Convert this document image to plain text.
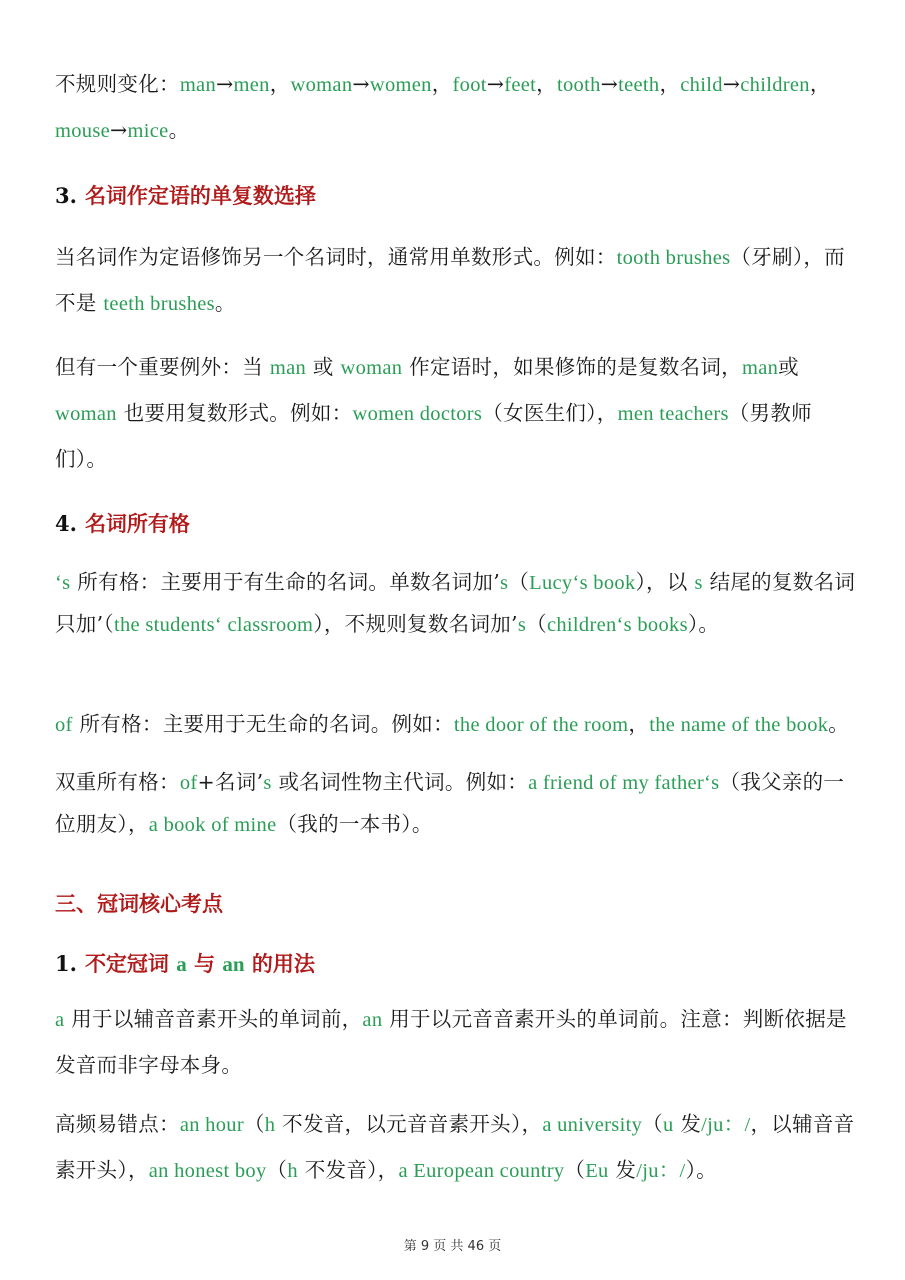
不规则变化：man→men，woman→women，foot→feet，tooth→teeth，child→children，mouse→mice。
3. 名词作定语的单复数选择
当名词作为定语修饰另一个名词时，通常用单数形式。例如：tooth brushes（牙刷），而不是 teeth brushes。
但有一个重要例外：当 man 或 woman 作定语时，如果修饰的是复数名词，man或 woman 也要用复数形式。例如：women doctors（女医生们），men teachers（男教师们）。
4. 名词所有格
‘s 所有格：主要用于有生命的名词。单数名词加’s（Lucy‘s book），以 s 结尾的复数名词只加’（the students‘ classroom），不规则复数名词加’s（children‘s books）。
of 所有格：主要用于无生命的名词。例如：the door of the room，the name of the book。
双重所有格：of+名词’s 或名词性物主代词。例如：a friend of my father‘s（我父亲的一位朋友），a book of mine（我的一本书）。
三、冠词核心考点
1. 不定冠词 a 与 an 的用法
a 用于以辅音音素开头的单词前，an 用于以元音音素开头的单词前。注意：判断依据是发音而非字母本身。
高频易错点：an hour（h 不发音，以元音音素开头），a university（u 发/ju：/，以辅音音素开头），an honest boy（h 不发音），a European country（Eu 发/ju：/）。
第 9 页 共 46 页
